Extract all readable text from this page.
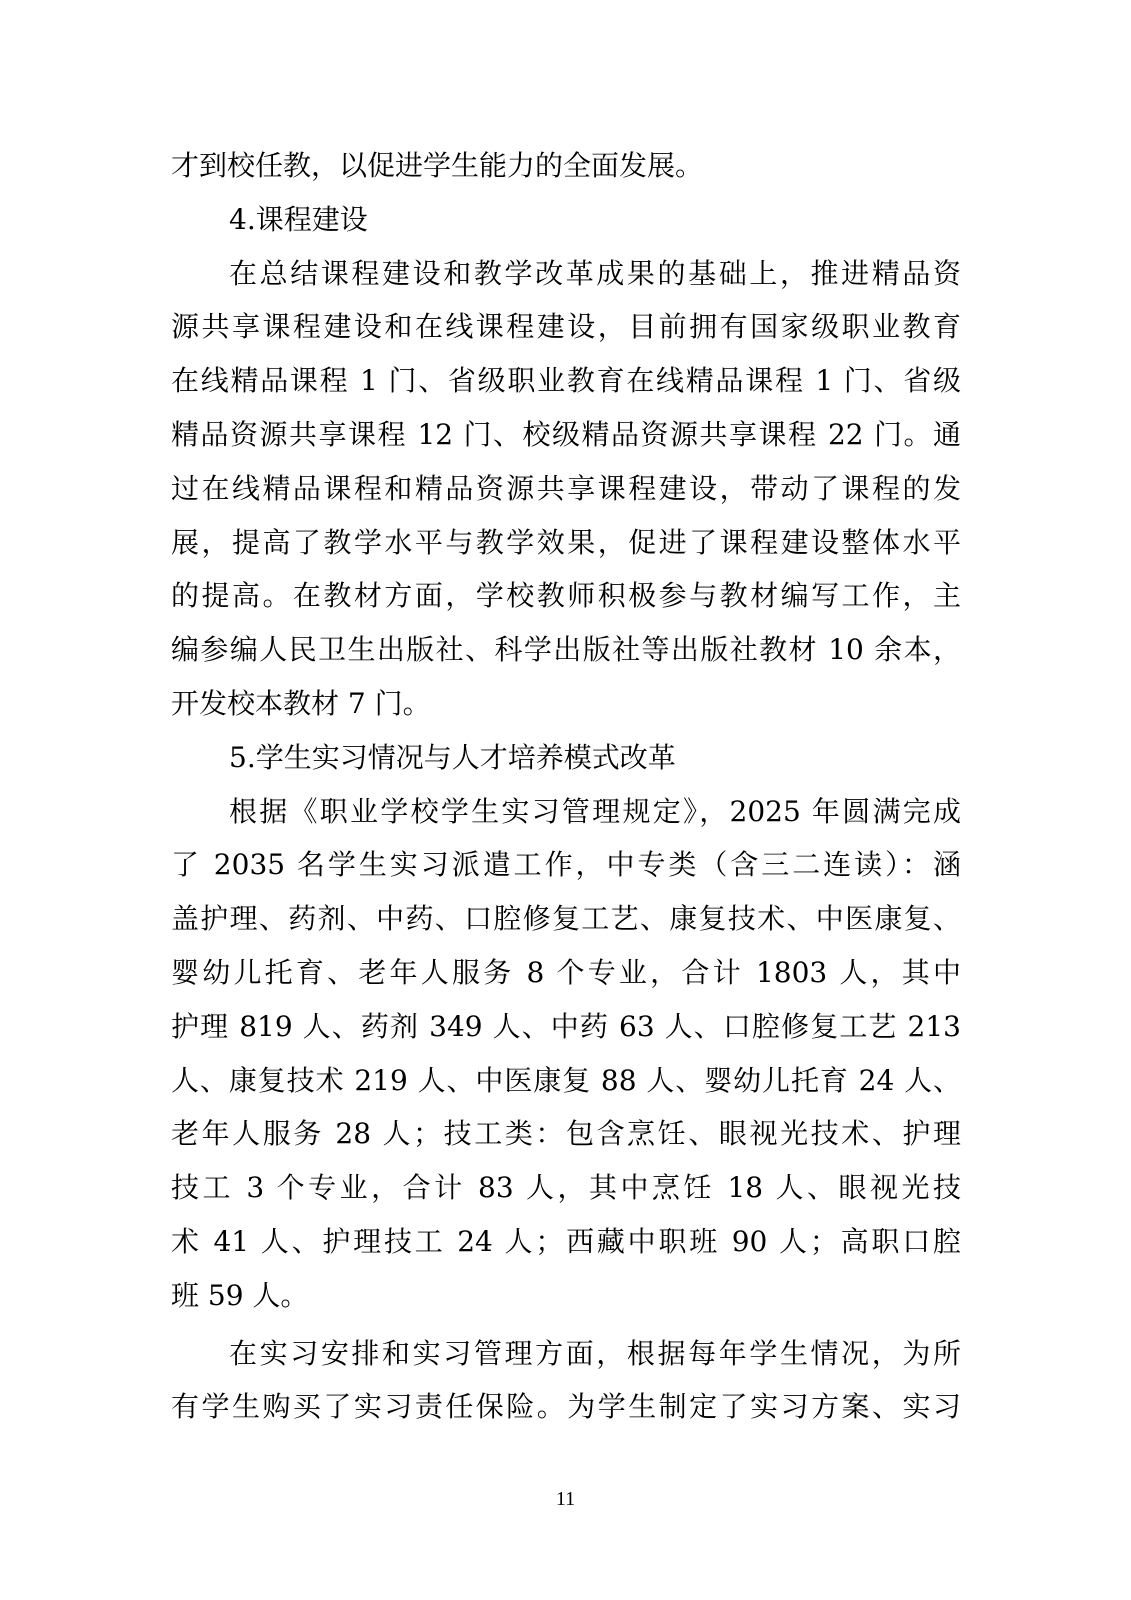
才到校任教，以促进学生能力的全面发展。
4.课程建设
在总结课程建设和教学改革成果的基础上，推进精品资
源共享课程建设和在线课程建设，目前拥有国家级职业教育
在线精品课程 1 门、省级职业教育在线精品课程 1 门、省级
精品资源共享课程 12 门、校级精品资源共享课程 22 门。通
过在线精品课程和精品资源共享课程建设，带动了课程的发
展，提高了教学水平与教学效果，促进了课程建设整体水平
的提高。在教材方面，学校教师积极参与教材编写工作，主
编参编人民卫生出版社、科学出版社等出版社教材 10 余本，
开发校本教材 7 门。
5.学生实习情况与人才培养模式改革
根据《职业学校学生实习管理规定》，2025 年圆满完成
了 2035 名学生实习派遣工作，中专类（含三二连读）：涵
盖护理、药剂、中药、口腔修复工艺、康复技术、中医康复、
婴幼儿托育、老年人服务 8 个专业，合计 1803 人，其中
护理 819 人、药剂 349 人、中药 63 人、口腔修复工艺 213
人、康复技术 219 人、中医康复 88 人、婴幼儿托育 24 人、
老年人服务 28 人；技工类：包含烹饪、眼视光技术、护理
技工 3 个专业，合计 83 人，其中烹饪 18 人、眼视光技
术 41 人、护理技工 24 人；西藏中职班 90 人；高职口腔
班 59 人。
在实习安排和实习管理方面，根据每年学生情况，为所
有学生购买了实习责任保险。为学生制定了实习方案、实习
11
